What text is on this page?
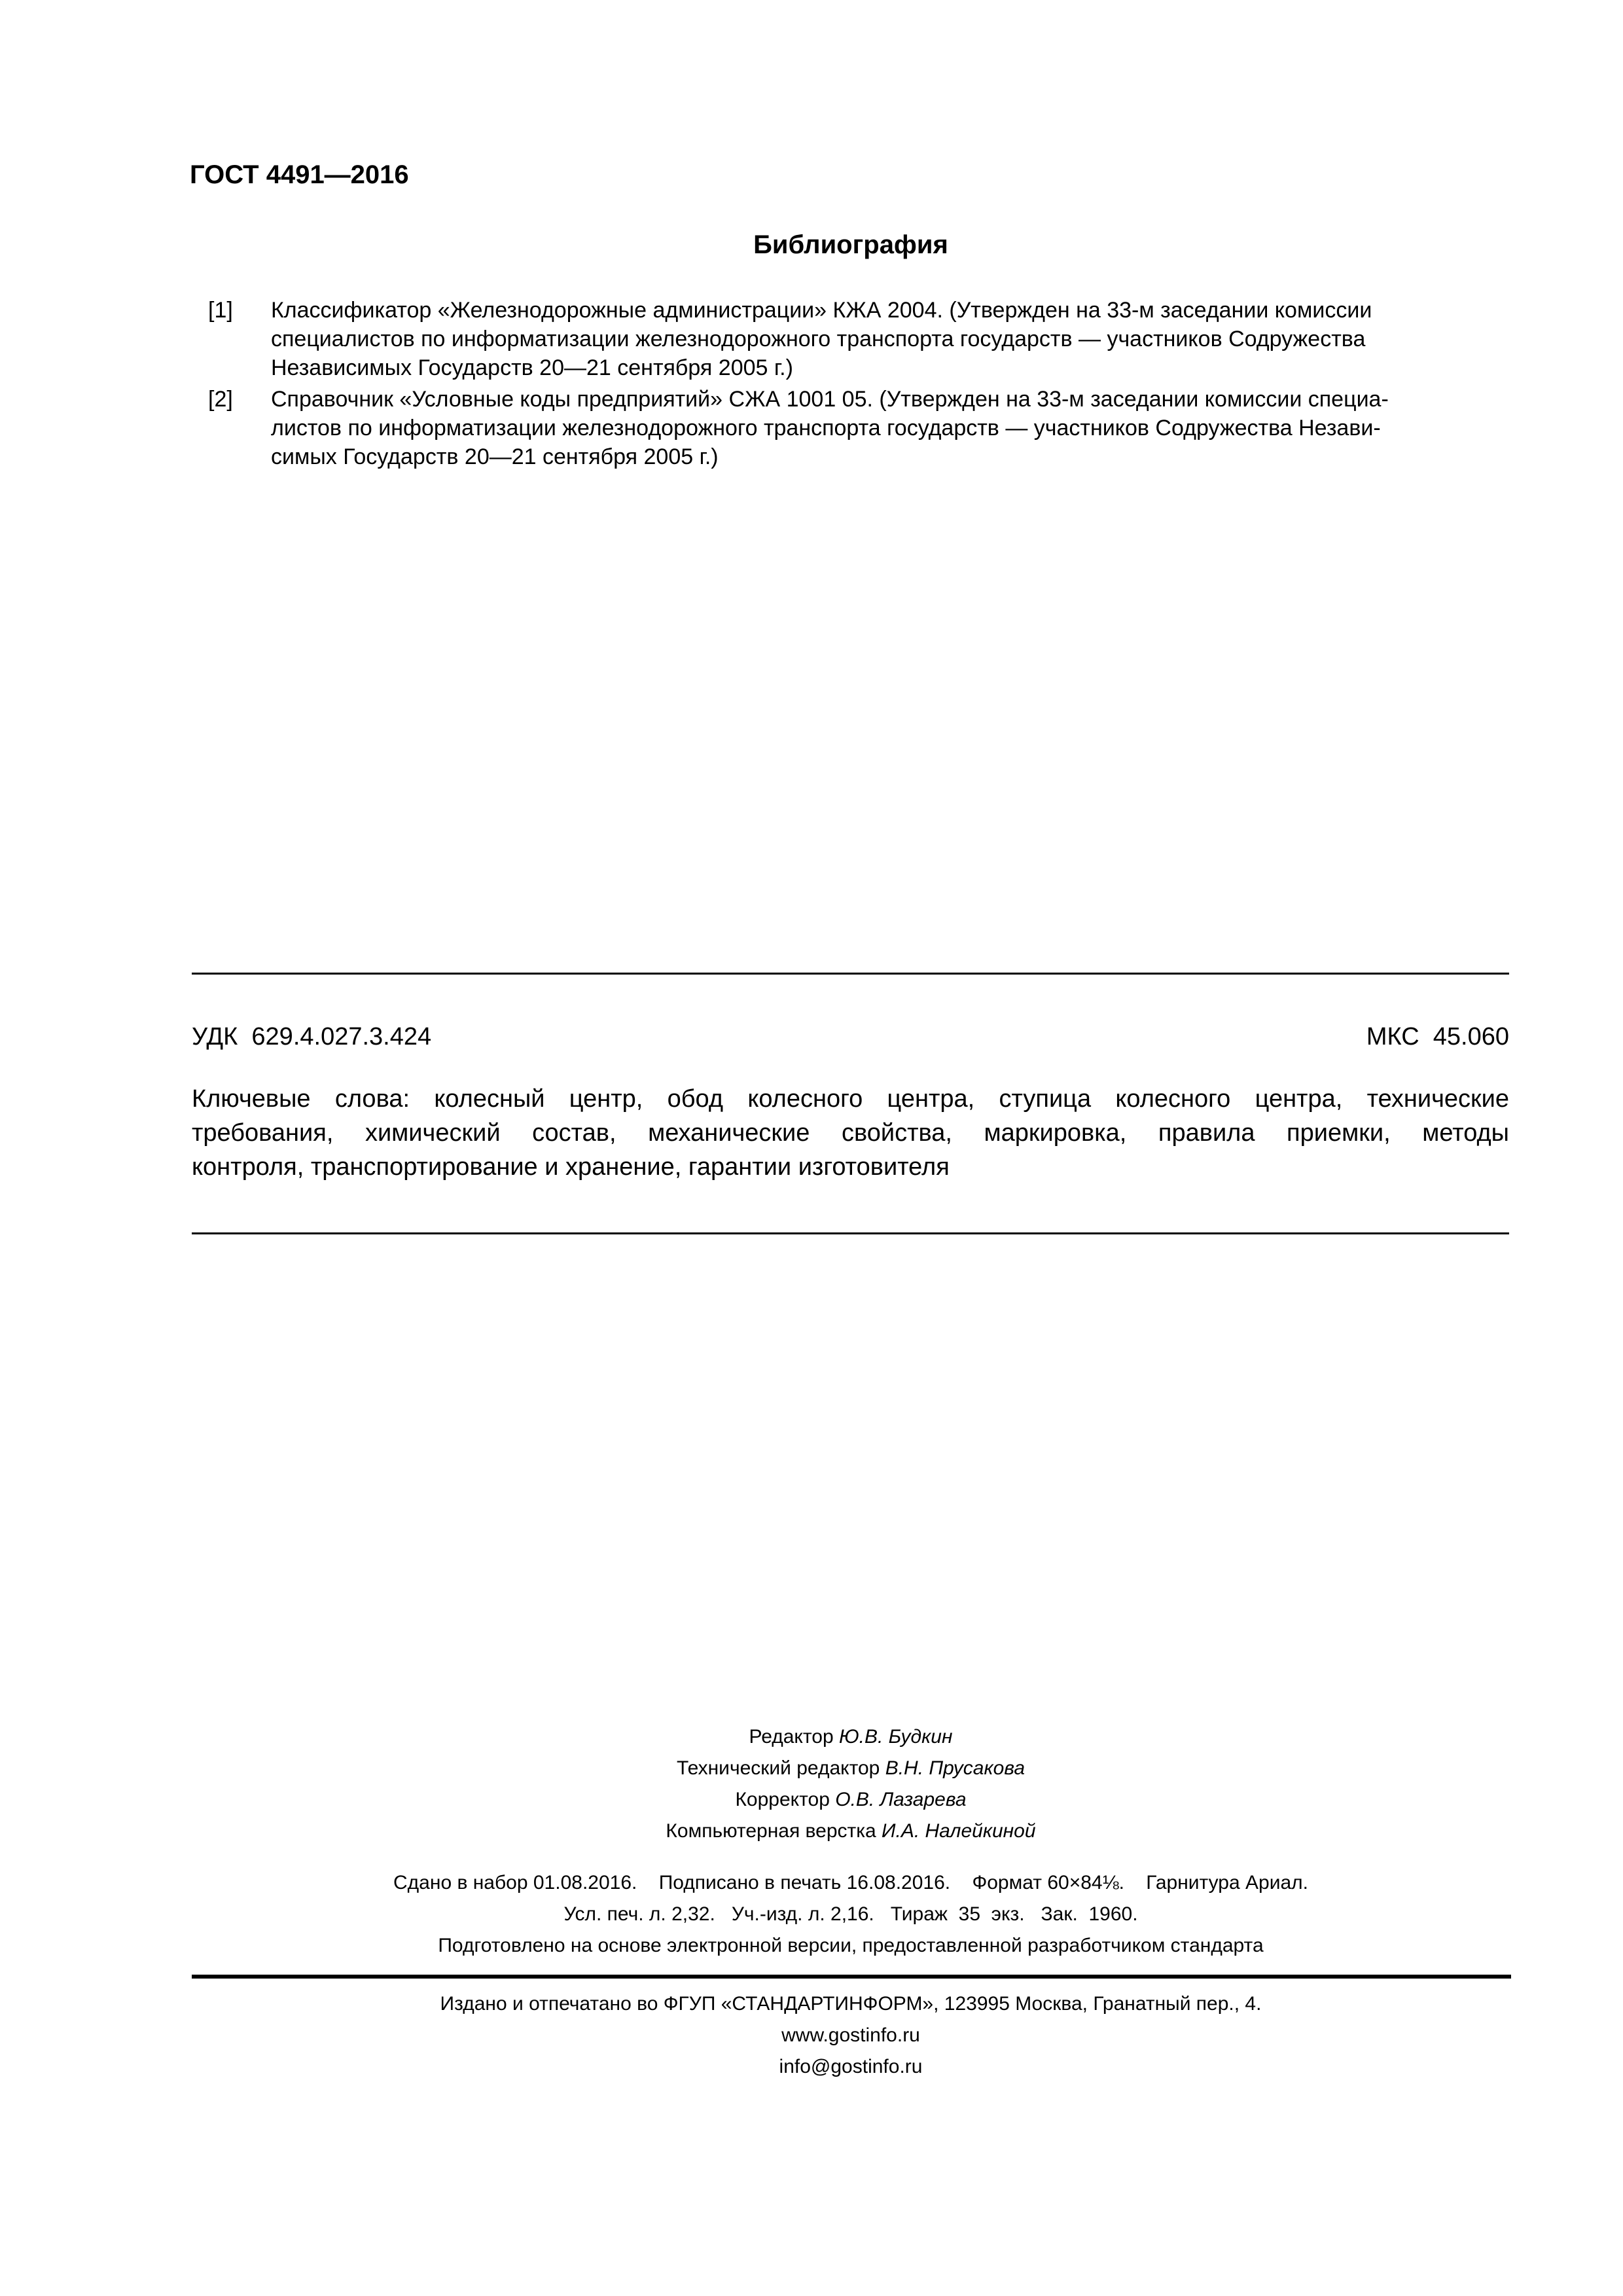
ГОСТ 4491—2016
Библиография
[1]	Классификатор «Железнодорожные администрации» КЖА 2004. (Утвержден на 33-м заседании комиссии
специалистов по информатизации железнодорожного транспорта государств — участников Содружества
Независимых Государств 20—21 сентября 2005 г.)
[2]	Справочник «Условные коды предприятий» СЖА 1001 05. (Утвержден на 33-м заседании комиссии специа-
листов по информатизации железнодорожного транспорта государств — участников Содружества Незави-
симых Государств 20—21 сентября 2005 г.)
УДК  629.4.027.3.424	МКС  45.060
Ключевые слова: колесный центр, обод колесного центра, ступица колесного центра, технические
требования, химический состав, механические свойства, маркировка, правила приемки, методы
контроля, транспортирование и хранение, гарантии изготовителя
Редактор Ю.В. Будкин
Технический редактор В.Н. Прусакова
Корректор О.В. Лазарева
Компьютерная верстка И.А. Налейкиной
Сдано в набор 01.08.2016.    Подписано в печать 16.08.2016.    Формат 60×84⅛.    Гарнитура Ариал.
Усл. печ. л. 2,32.   Уч.-изд. л. 2,16.   Тираж  35  экз.   Зак.  1960.
Подготовлено на основе электронной версии, предоставленной разработчиком стандарта
Издано и отпечатано во ФГУП «СТАНДАРТИНФОРМ», 123995 Москва, Гранатный пер., 4.
www.gostinfo.ru
info@gostinfo.ru
